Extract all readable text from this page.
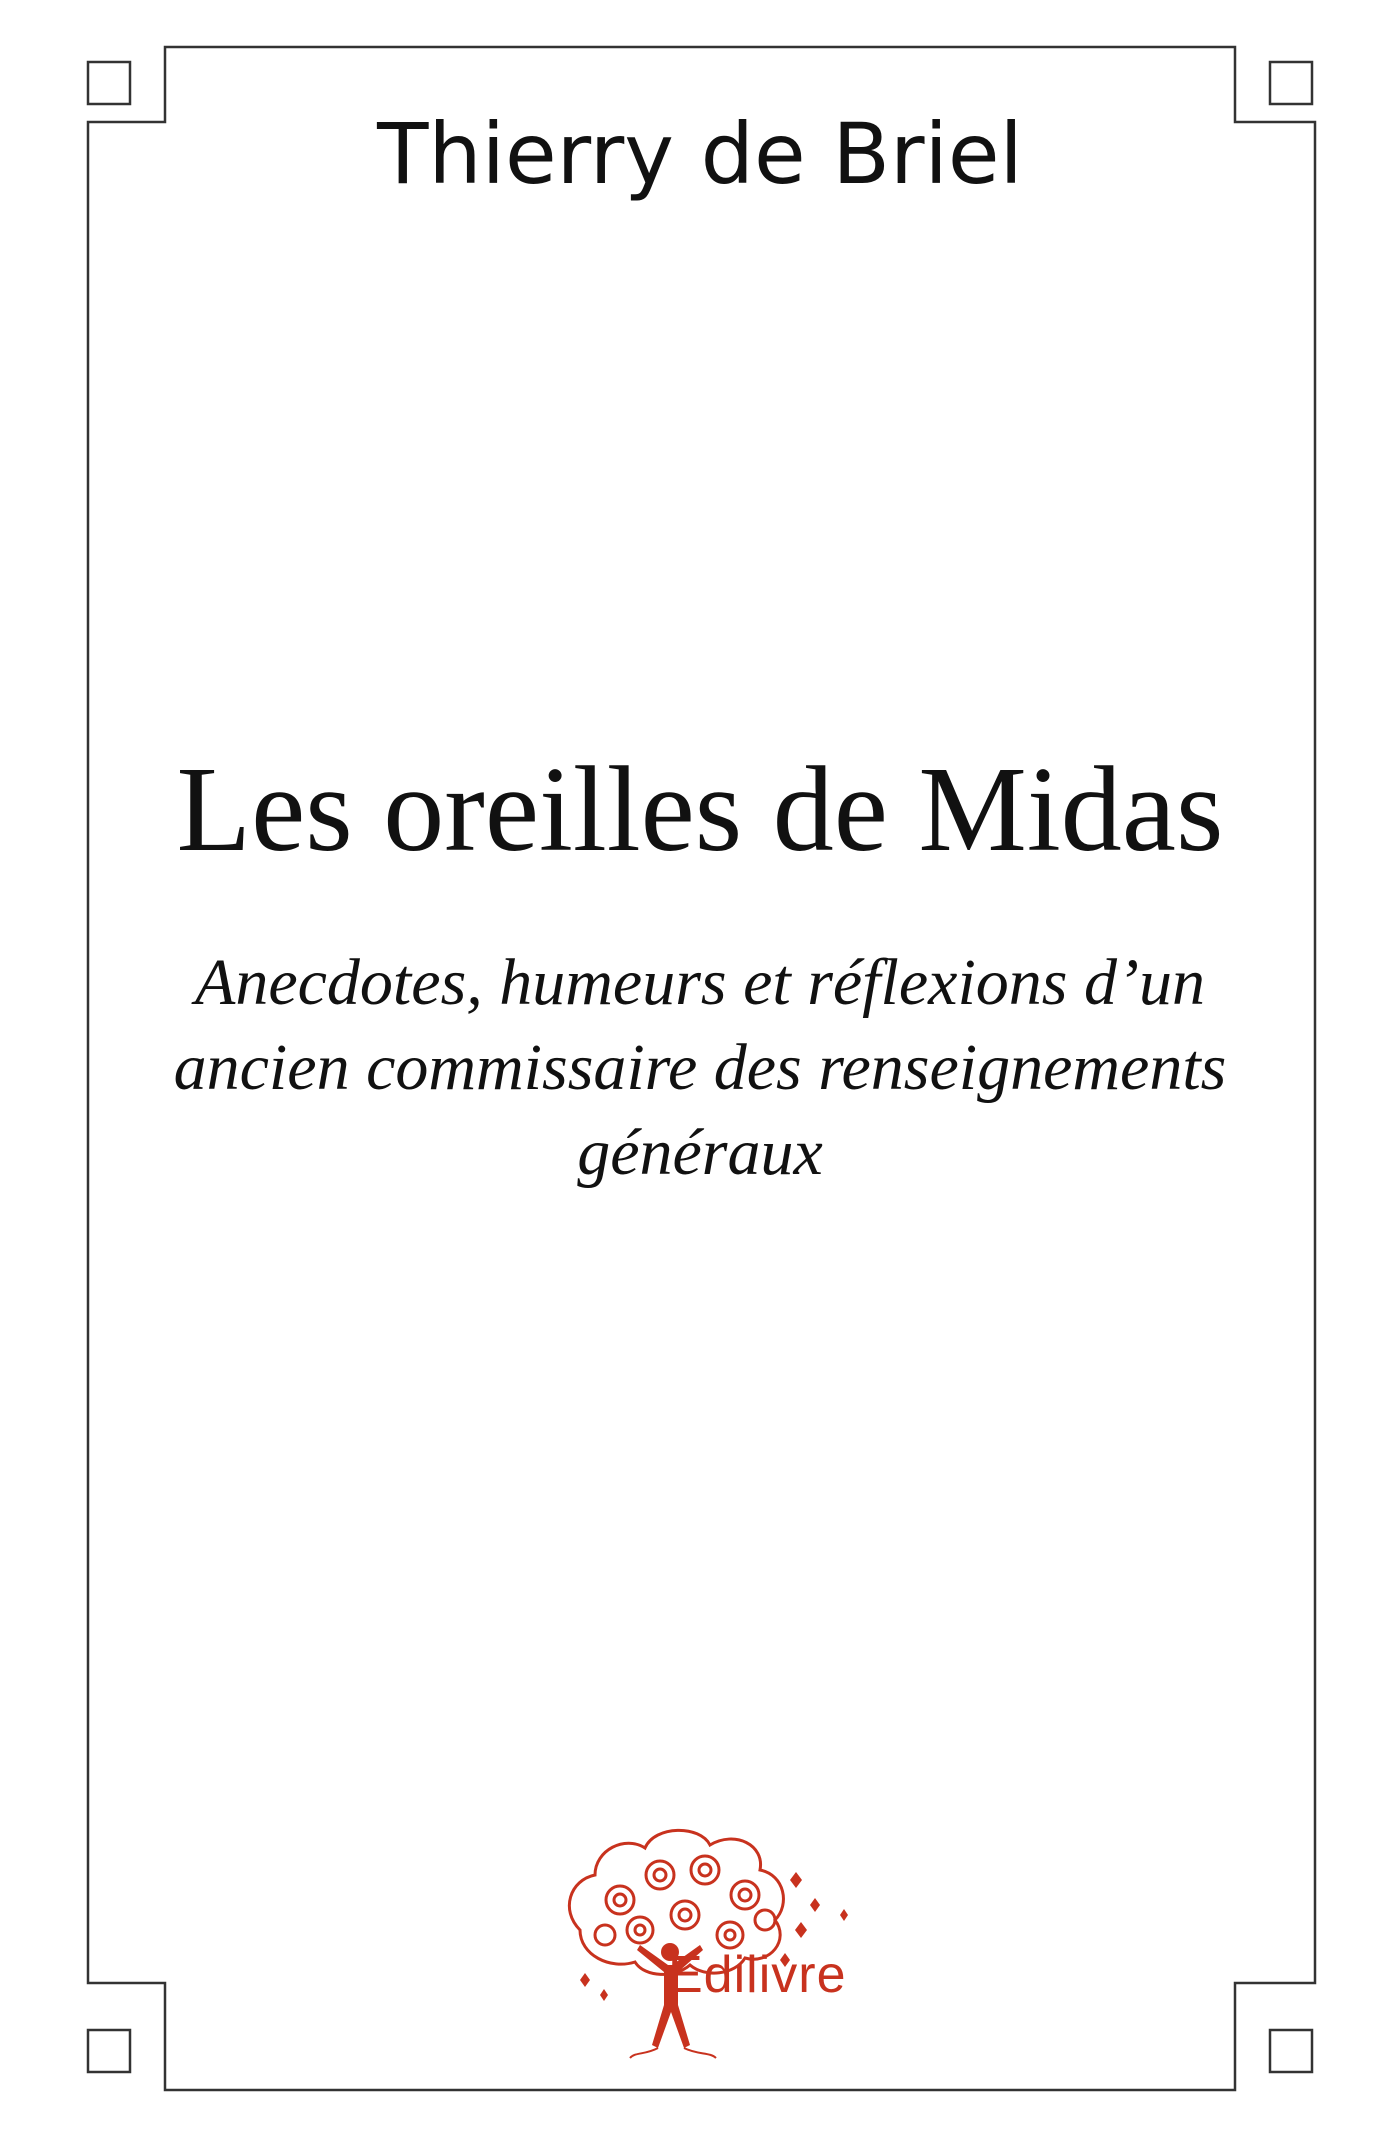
Thierry de Briel
Les oreilles de Midas
Anecdotes, humeurs et réflexions d’un ancien commissaire des renseignements généraux
Edilivre
